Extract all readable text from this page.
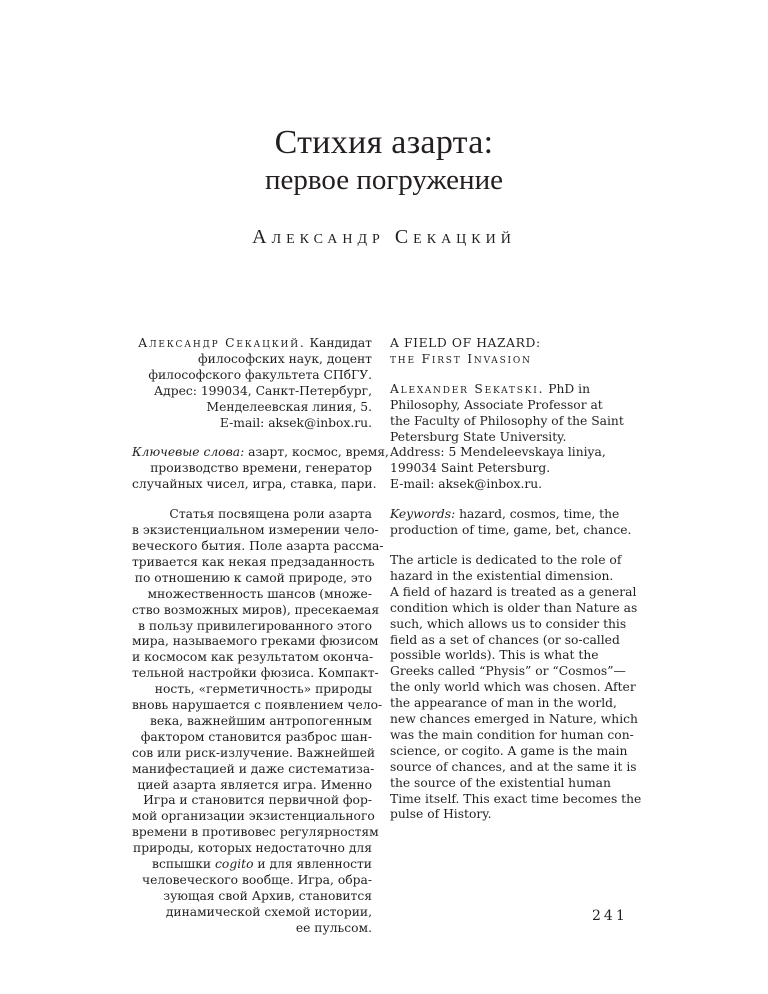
Стихия азарта:
первое погружение
Александр Секацкий

Александр Секацкий. Кандидат
философских наук, доцент
философского факультета СПбГУ.
Адрес: 199034, Санкт-Петербург,
Менделеевская линия, 5.
E-mail: aksek@inbox.ru.

Ключевые слова: азарт, космос, время,
производство времени, генератор
случайных чисел, игра, ставка, пари.

Статья посвящена роли азарта
в экзистенциальном измерении чело-
веческого бытия. Поле азарта рассма-
тривается как некая предзаданность
по отношению к самой природе, это
множественность шансов (множе-
ство возможных миров), пресекаемая
в пользу привилегированного этого
мира, называемого греками фюзисом
и космосом как результатом оконча-
тельной настройки фюзиса. Компакт-
ность, «герметичность» природы
вновь нарушается с появлением чело-
века, важнейшим антропогенным
фактором становится разброс шан-
сов или риск-излучение. Важнейшей
манифестацией и даже систематиза-
цией азарта является игра. Именно
Игра и становится первичной фор-
мой организации экзистенциального
времени в противовес регулярностям
природы, которых недостаточно для
вспышки cogito и для явленности
человеческого вообще. Игра, обра-
зующая свой Архив, становится
динамической схемой истории,
ее пульсом.

A FIELD OF HAZARD:
the First Invasion

Alexander Sekatski. PhD in
Philosophy, Associate Professor at
the Faculty of Philosophy of the Saint
Petersburg State University.
Address: 5 Mendeleevskaya liniya,
199034 Saint Petersburg.
E-mail: aksek@inbox.ru.

Keywords: hazard, cosmos, time, the
production of time, game, bet, chance.

The article is dedicated to the role of
hazard in the existential dimension.
A field of hazard is treated as a general
condition which is older than Nature as
such, which allows us to consider this
field as a set of chances (or so-called
possible worlds). This is what the
Greeks called “Physis” or “Cosmos”—
the only world which was chosen. After
the appearance of man in the world,
new chances emerged in Nature, which
was the main condition for human con-
science, or cogito. A game is the main
source of chances, and at the same it is
the source of the existential human
Time itself. This exact time becomes the
pulse of History.

241
